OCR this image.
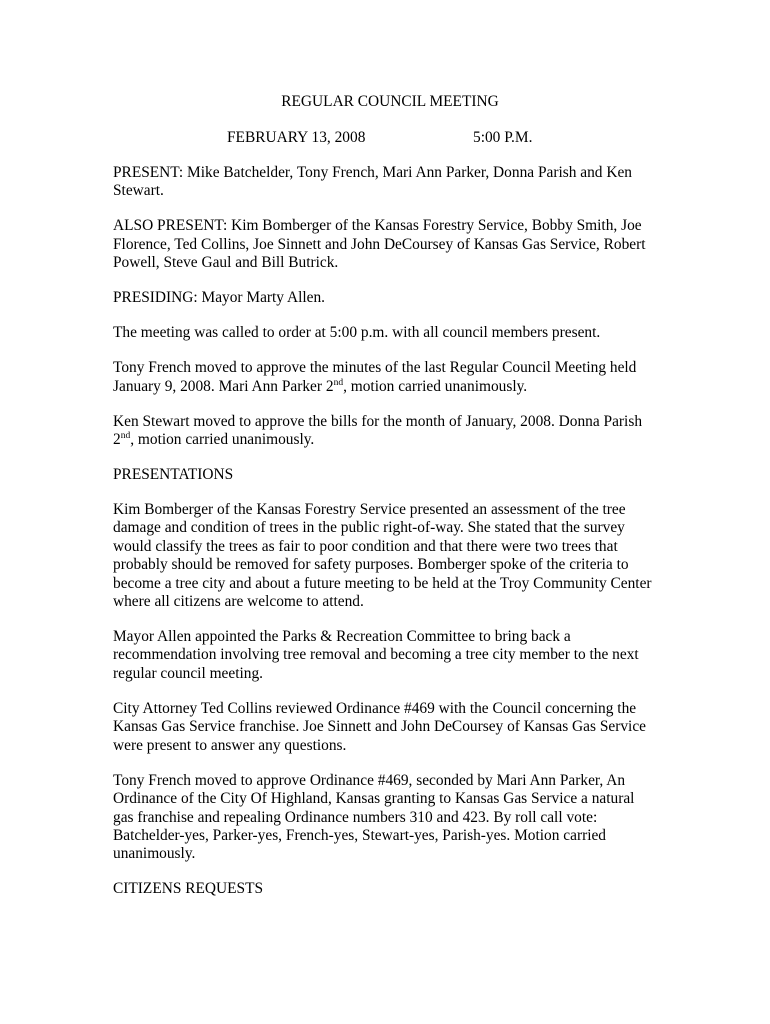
REGULAR COUNCIL MEETING
FEBRUARY 13, 2008	5:00 P.M.

PRESENT: Mike Batchelder, Tony French, Mari Ann Parker, Donna Parish and Ken Stewart.

ALSO PRESENT: Kim Bomberger of the Kansas Forestry Service, Bobby Smith, Joe Florence, Ted Collins, Joe Sinnett and John DeCoursey of Kansas Gas Service, Robert Powell, Steve Gaul and Bill Butrick.

PRESIDING: Mayor Marty Allen.

The meeting was called to order at 5:00 p.m. with all council members present.

Tony French moved to approve the minutes of the last Regular Council Meeting held January 9, 2008. Mari Ann Parker 2nd, motion carried unanimously.

Ken Stewart moved to approve the bills for the month of January, 2008. Donna Parish 2nd, motion carried unanimously.

PRESENTATIONS

Kim Bomberger of the Kansas Forestry Service presented an assessment of the tree damage and condition of trees in the public right-of-way. She stated that the survey would classify the trees as fair to poor condition and that there were two trees that probably should be removed for safety purposes. Bomberger spoke of the criteria to become a tree city and about a future meeting to be held at the Troy Community Center where all citizens are welcome to attend.

Mayor Allen appointed the Parks & Recreation Committee to bring back a recommendation involving tree removal and becoming a tree city member to the next regular council meeting.

City Attorney Ted Collins reviewed Ordinance #469 with the Council concerning the Kansas Gas Service franchise. Joe Sinnett and John DeCoursey of Kansas Gas Service were present to answer any questions.

Tony French moved to approve Ordinance #469, seconded by Mari Ann Parker, An Ordinance of the City Of Highland, Kansas granting to Kansas Gas Service a natural gas franchise and repealing Ordinance numbers 310 and 423. By roll call vote: Batchelder-yes, Parker-yes, French-yes, Stewart-yes, Parish-yes. Motion carried unanimously.

CITIZENS REQUESTS
